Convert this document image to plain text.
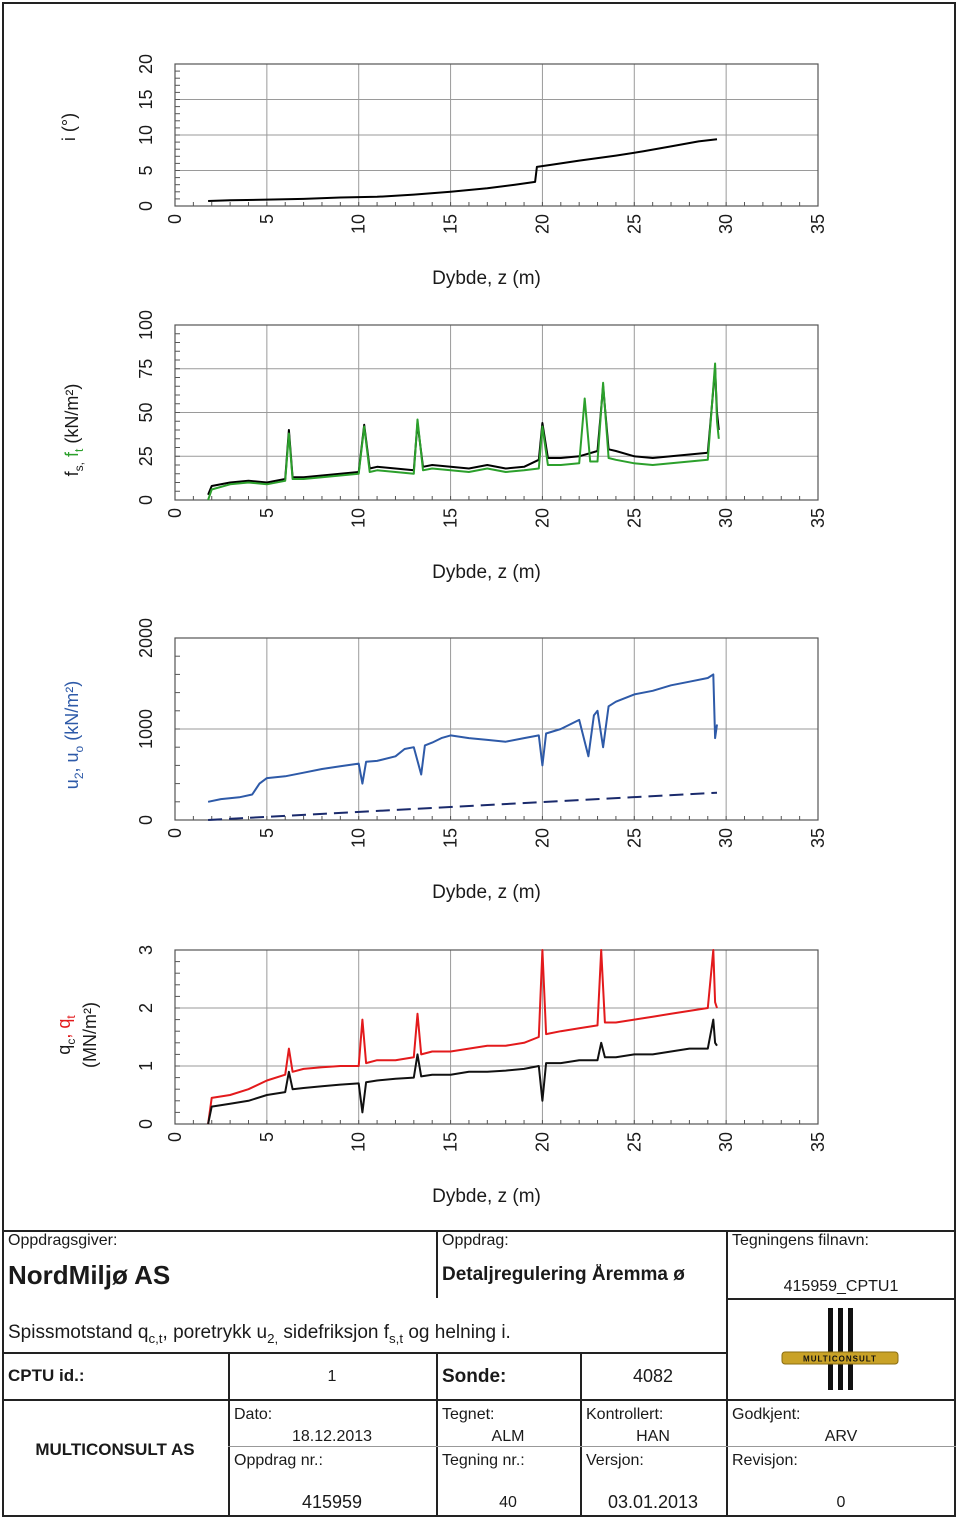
i (°)
$f_{s,}$ $f_t$ (kN/m²)
$u_2$, $u_o$ (kN/m²)
$q_c$, $q_t$ (MN/m²)
0	5	10	15	20	25	30	35
0
5
10
15
20
Dybde, z (m)
0	5	10	15	20	25	30	35
0
25
50
75
100
Dybde, z (m)
0	5	10	15	20	25	30	35
0
1000
2000
Dybde, z (m)
0	5	10	15	20	25	30	35
0
1
2
3
Dybde, z (m)
Oppdragsgiver:
NordMiljø AS
Oppdrag:
Detaljregulering Åremma ø
Tegningens filnavn:
415959_CPTU1
Spissmotstand $q_{c,t}$, poretrykk $u_{2,}$ sidefriksjon $f_{s,t}$ og helning i.
CPTU id.:	1	Sonde:	4082
MULTICONSULT
MULTICONSULT AS
Dato:
18.12.2013
Tegnet:
ALM
Kontrollert:
HAN
Godkjent:
ARV
Oppdrag nr.:
415959
Tegning nr.:
40
Versjon:
03.01.2013
Revisjon:
0
